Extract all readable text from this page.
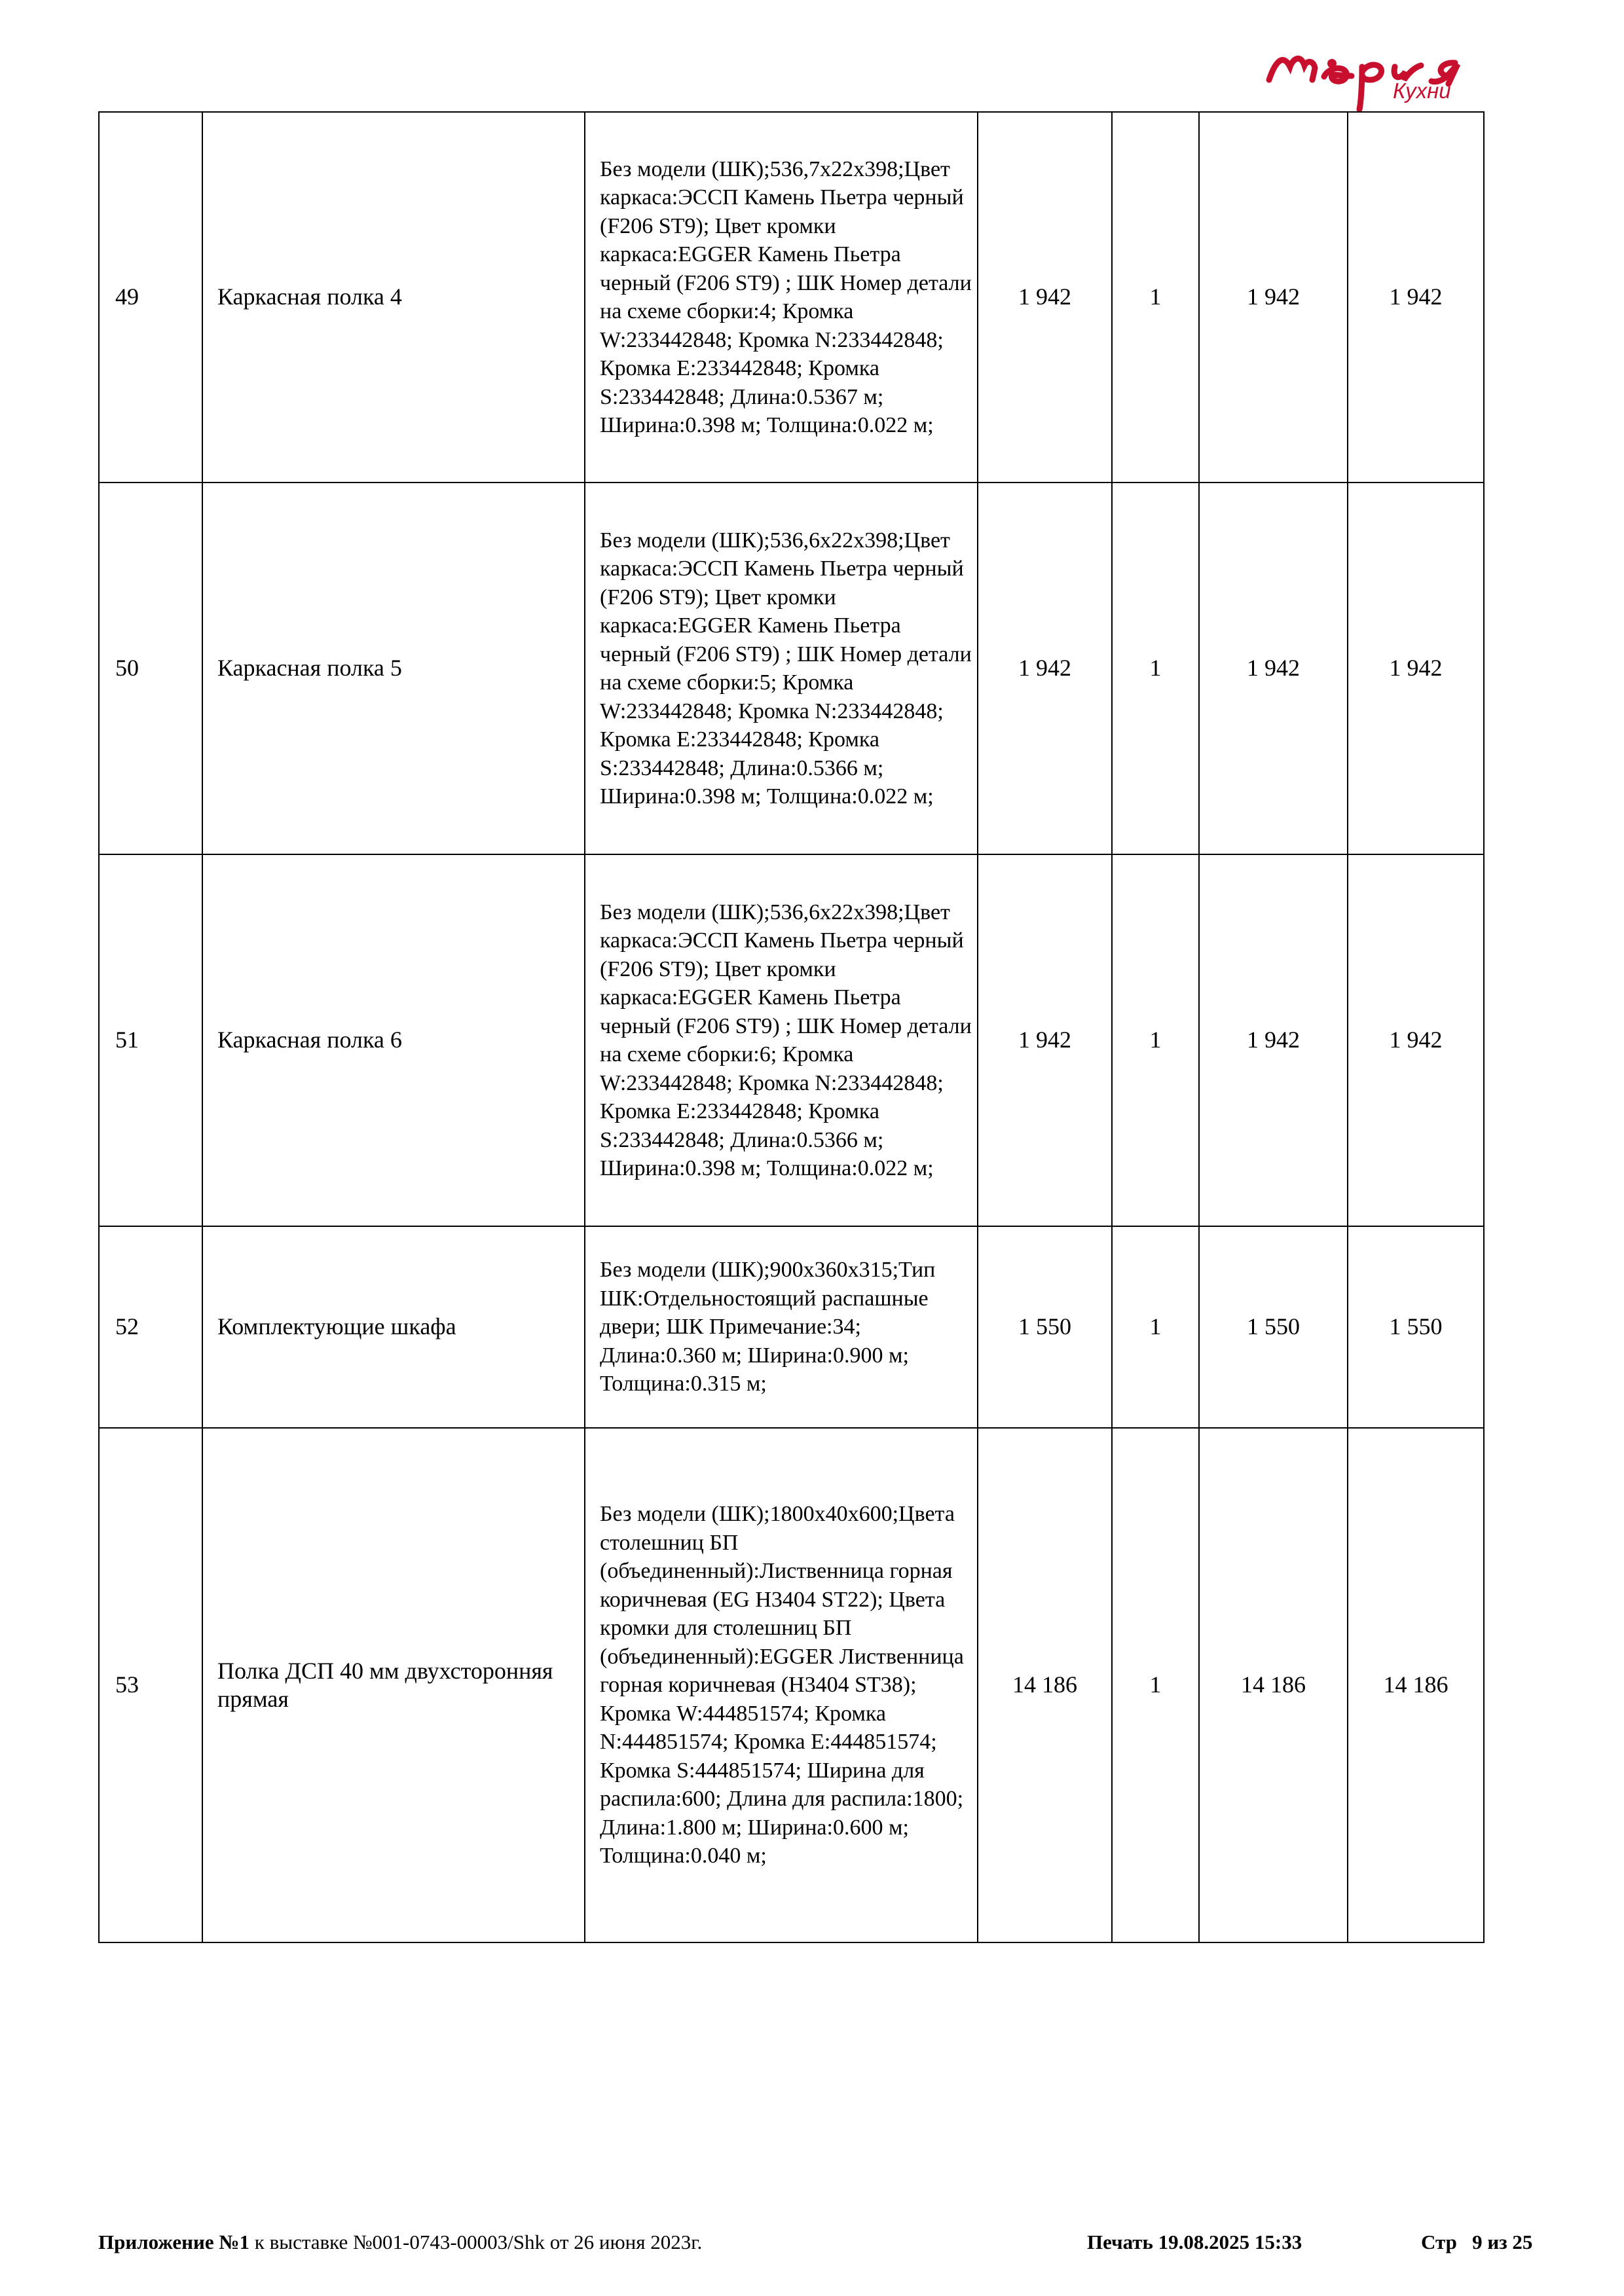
Кухни
49	Каркасная полка 4	Без модели (ШК);536,7x22x398;Цвет каркаса:ЭССП Камень Пьетра черный (F206 ST9); Цвет кромки каркаса:EGGER Камень Пьетра черный (F206 ST9) ; ШК Номер детали на схеме сборки:4; Кромка W:233442848; Кромка N:233442848; Кромка E:233442848; Кромка S:233442848; Длина:0.5367 м; Ширина:0.398 м; Толщина:0.022 м;	1 942	1	1 942	1 942
50	Каркасная полка 5	Без модели (ШК);536,6x22x398;Цвет каркаса:ЭССП Камень Пьетра черный (F206 ST9); Цвет кромки каркаса:EGGER Камень Пьетра черный (F206 ST9) ; ШК Номер детали на схеме сборки:5; Кромка W:233442848; Кромка N:233442848; Кромка E:233442848; Кромка S:233442848; Длина:0.5366 м; Ширина:0.398 м; Толщина:0.022 м;	1 942	1	1 942	1 942
51	Каркасная полка 6	Без модели (ШК);536,6x22x398;Цвет каркаса:ЭССП Камень Пьетра черный (F206 ST9); Цвет кромки каркаса:EGGER Камень Пьетра черный (F206 ST9) ; ШК Номер детали на схеме сборки:6; Кромка W:233442848; Кромка N:233442848; Кромка E:233442848; Кромка S:233442848; Длина:0.5366 м; Ширина:0.398 м; Толщина:0.022 м;	1 942	1	1 942	1 942
52	Комплектующие шкафа	Без модели (ШК);900x360x315;Тип ШК:Отдельностоящий распашные двери; ШК Примечание:34; Длина:0.360 м; Ширина:0.900 м; Толщина:0.315 м;	1 550	1	1 550	1 550
53	Полка ДСП 40 мм двухсторонняя прямая	Без модели (ШК);1800x40x600;Цвета столешниц БП (объединенный):Лиственница горная коричневая (EG H3404 ST22); Цвета кромки для столешниц БП (объединенный):EGGER Лиственница горная коричневая (H3404 ST38); Кромка W:444851574; Кромка N:444851574; Кромка E:444851574; Кромка S:444851574; Ширина для распила:600; Длина для распила:1800; Длина:1.800 м; Ширина:0.600 м; Толщина:0.040 м;	14 186	1	14 186	14 186
Приложение №1 к выставке №001-0743-00003/Shk от 26 июня 2023г.	Печать 19.08.2025 15:33	Стр 9 из 25
